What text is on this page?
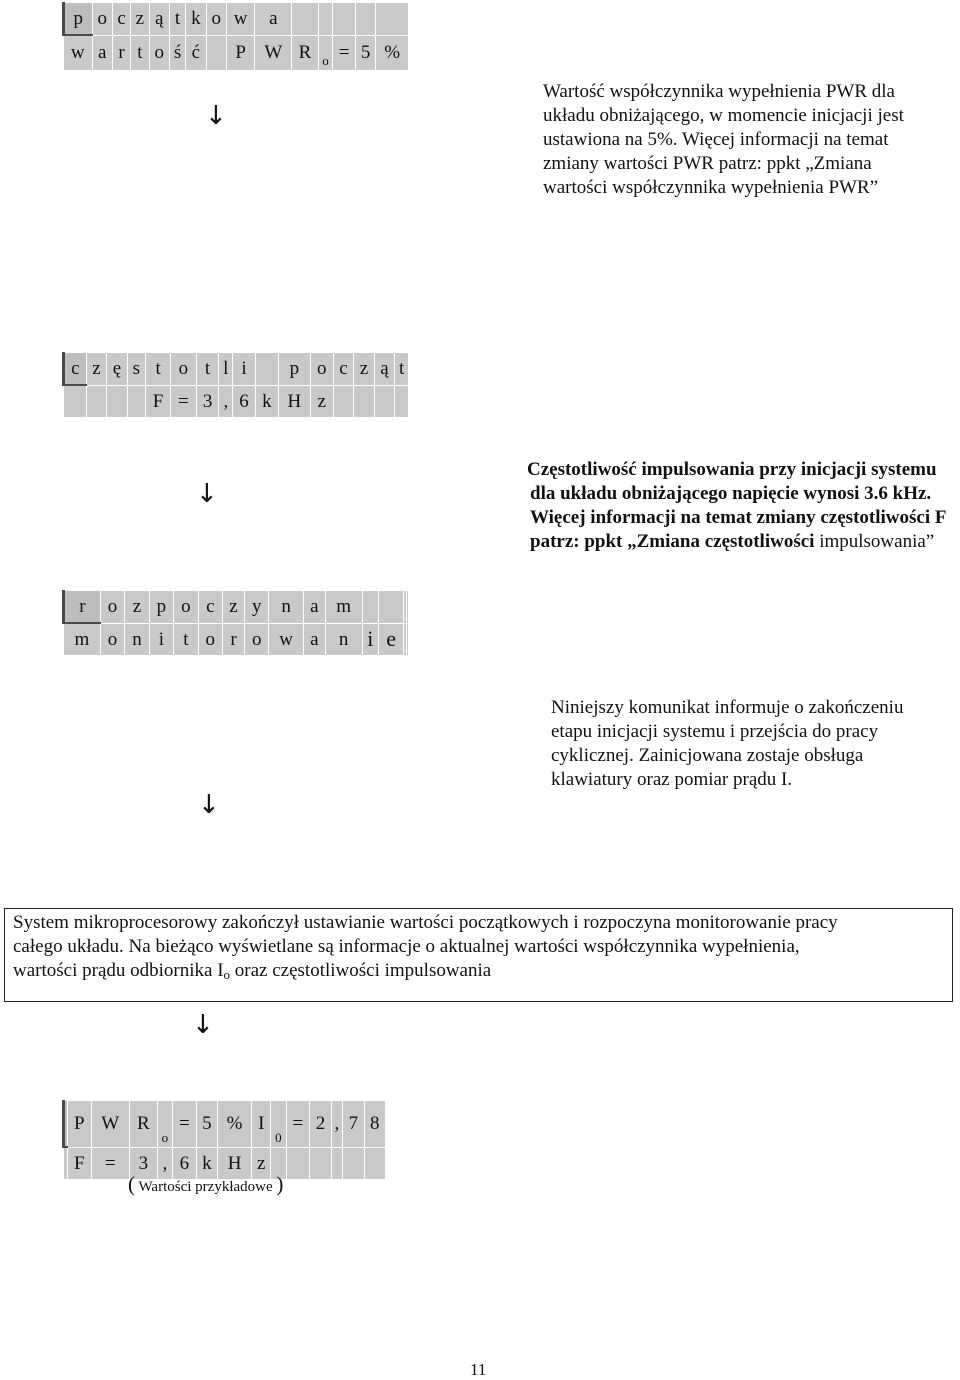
p	o	c	z	ą	t	k	o	w	a					
w	a	r	t	o	ś	ć		P	W	R	$_o$	=	5	%
↓
Wartość współczynnika wypełnienia PWR dla
układu obniżającego, w momencie inicjacji jest
ustawiona na 5%. Więcej informacji na temat
zmiany wartości PWR patrz: ppkt „Zmiana
wartości współczynnika wypełnienia PWR”
c	z	ę	s	t	o	t	l	i		p	o	c	z	ą	t
				F	=	3	,	6	k	H	z				
↓
Częstotliwość impulsowania przy inicjacji systemu
dla układu obniżającego napięcie wynosi 3.6 kHz.
Więcej informacji na temat zmiany częstotliwości F
patrz: ppkt „Zmiana częstotliwości impulsowania”
r	o	z	p	o	c	z	y	n	a	m				
m	o	n	i	t	o	r	o	w	a	n	i	e		
Niniejszy komunikat informuje o zakończeniu
etapu inicjacji systemu i przejścia do pracy
cyklicznej. Zainicjowana zostaje obsługa
klawiatury oraz pomiar prądu I.
↓
System mikroprocesorowy zakończył ustawianie wartości początkowych i rozpoczyna monitorowanie pracy
całego układu. Na bieżąco wyświetlane są informacje o aktualnej wartości współczynnika wypełnienia,
wartości prądu odbiornika $I_o$ oraz częstotliwości impulsowania
↓
	P	W	R	$_o$	=	5	%	I	$_0$	=	2	,	7	8
	F	=	3	,	6	k	H	z						
( Wartości przykładowe )
11
